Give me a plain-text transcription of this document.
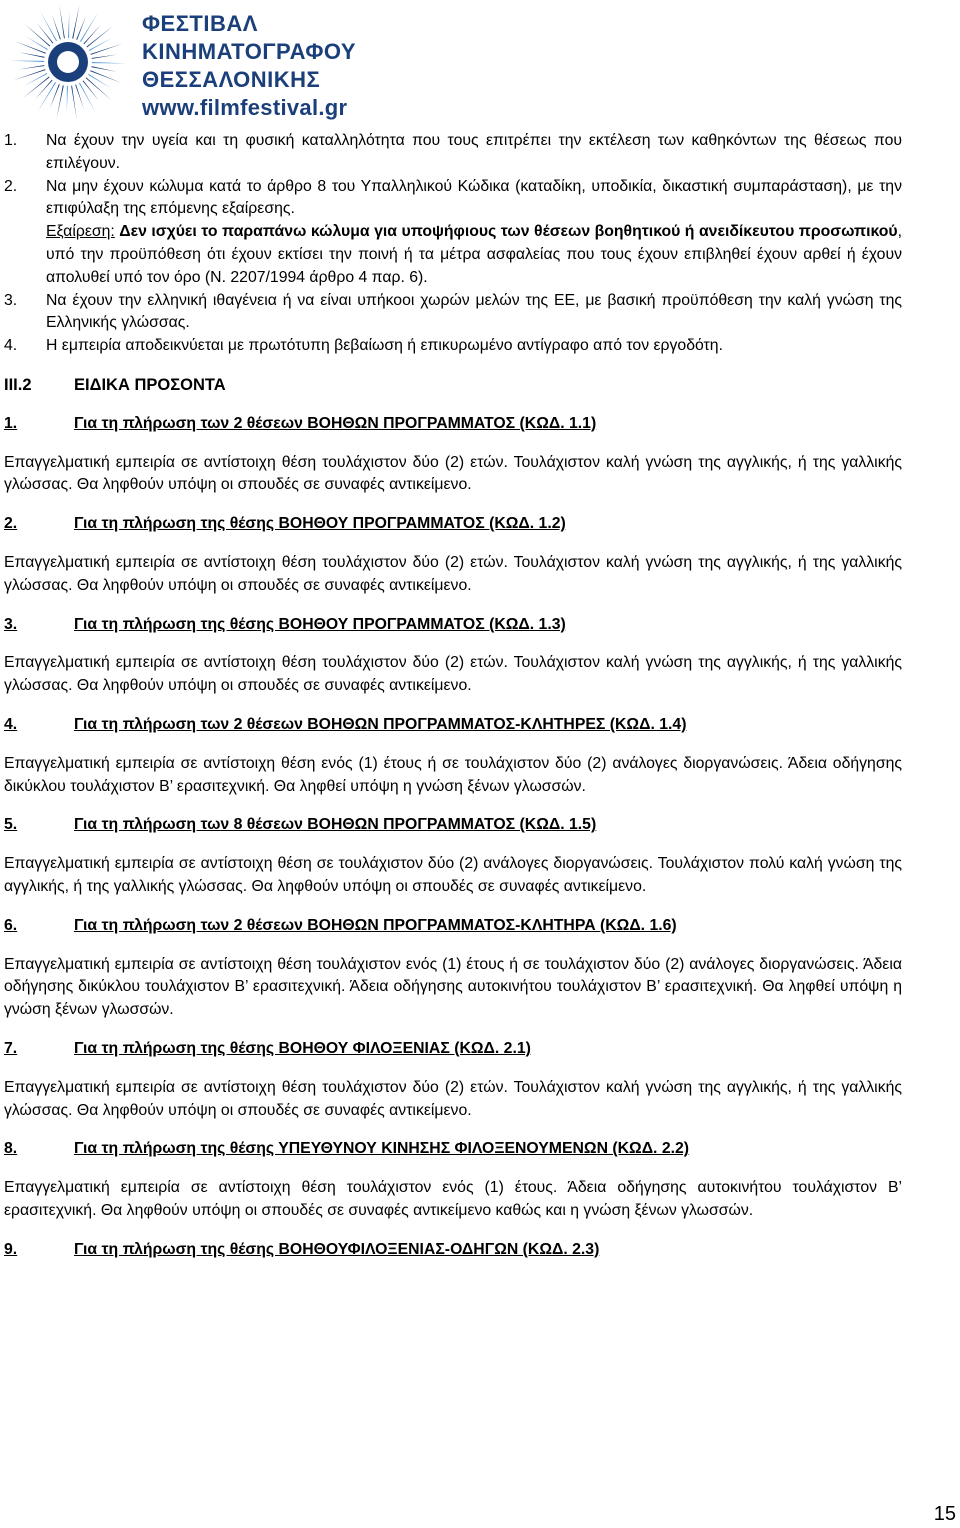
ΦΕΣΤΙΒΑΛ
ΚΙΝΗΜΑΤΟΓΡΑΦΟΥ
ΘΕΣΣΑΛΟΝΙΚΗΣ
www.filmfestival.gr
1. Να έχουν την υγεία και τη φυσική καταλληλότητα που τους επιτρέπει την εκτέλεση των καθηκόντων της θέσεως που επιλέγουν.
2. Να μην έχουν κώλυμα κατά το άρθρο 8 του Υπαλληλικού Κώδικα (καταδίκη, υποδικία, δικαστική συμπαράσταση), με την επιφύλαξη της επόμενης εξαίρεσης.
Εξαίρεση: Δεν ισχύει το παραπάνω κώλυμα για υποψήφιους των θέσεων βοηθητικού ή ανειδίκευτου προσωπικού, υπό την προϋπόθεση ότι έχουν εκτίσει την ποινή ή τα μέτρα ασφαλείας που τους έχουν επιβληθεί έχουν αρθεί ή έχουν απολυθεί υπό τον όρο (Ν. 2207/1994 άρθρο 4 παρ. 6).
3. Να έχουν την ελληνική ιθαγένεια ή να είναι υπήκοοι χωρών μελών της ΕΕ, με βασική προϋπόθεση την καλή γνώση της Ελληνικής γλώσσας.
4. Η εμπειρία αποδεικνύεται με πρωτότυπη βεβαίωση ή επικυρωμένο αντίγραφο από τον εργοδότη.
III.2	ΕΙΔΙΚΑ ΠΡΟΣΟΝΤΑ
1.	Για τη πλήρωση των 2 θέσεων ΒΟΗΘΩΝ ΠΡΟΓΡΑΜΜΑΤΟΣ (ΚΩΔ. 1.1)
Επαγγελματική εμπειρία σε αντίστοιχη θέση τουλάχιστον δύο (2) ετών. Τουλάχιστον καλή γνώση της αγγλικής, ή της γαλλικής γλώσσας. Θα ληφθούν υπόψη οι σπουδές σε συναφές αντικείμενο.
2.	Για τη πλήρωση της θέσης ΒΟΗΘΟΥ ΠΡΟΓΡΑΜΜΑΤΟΣ (ΚΩΔ. 1.2)
Επαγγελματική εμπειρία σε αντίστοιχη θέση τουλάχιστον δύο (2) ετών. Τουλάχιστον καλή γνώση της αγγλικής, ή της γαλλικής γλώσσας. Θα ληφθούν υπόψη οι σπουδές σε συναφές αντικείμενο.
3.	Για τη πλήρωση της θέσης ΒΟΗΘΟΥ ΠΡΟΓΡΑΜΜΑΤΟΣ (ΚΩΔ. 1.3)
Επαγγελματική εμπειρία σε αντίστοιχη θέση τουλάχιστον δύο (2) ετών. Τουλάχιστον καλή γνώση της αγγλικής, ή της γαλλικής γλώσσας. Θα ληφθούν υπόψη οι σπουδές σε συναφές αντικείμενο.
4.	Για τη πλήρωση των 2 θέσεων ΒΟΗΘΩΝ ΠΡΟΓΡΑΜΜΑΤΟΣ-ΚΛΗΤΗΡΕΣ (ΚΩΔ. 1.4)
Επαγγελματική εμπειρία σε αντίστοιχη θέση ενός (1) έτους ή σε τουλάχιστον δύο (2) ανάλογες διοργανώσεις. Άδεια οδήγησης δικύκλου τουλάχιστον Β’ ερασιτεχνική. Θα ληφθεί υπόψη η γνώση ξένων γλωσσών.
5.	Για τη πλήρωση των 8 θέσεων ΒΟΗΘΩΝ ΠΡΟΓΡΑΜΜΑΤΟΣ (ΚΩΔ. 1.5)
Επαγγελματική εμπειρία σε αντίστοιχη θέση σε τουλάχιστον δύο (2) ανάλογες διοργανώσεις. Τουλάχιστον πολύ καλή γνώση της αγγλικής, ή της γαλλικής γλώσσας. Θα ληφθούν υπόψη οι σπουδές σε συναφές αντικείμενο.
6.	Για τη πλήρωση των 2 θέσεων ΒΟΗΘΩΝ ΠΡΟΓΡΑΜΜΑΤΟΣ-ΚΛΗΤΗΡΑ (ΚΩΔ. 1.6)
Επαγγελματική εμπειρία σε αντίστοιχη θέση τουλάχιστον ενός (1) έτους ή σε τουλάχιστον δύο (2) ανάλογες διοργανώσεις. Άδεια οδήγησης δικύκλου τουλάχιστον Β’ ερασιτεχνική. Άδεια οδήγησης αυτοκινήτου τουλάχιστον Β’ ερασιτεχνική. Θα ληφθεί υπόψη η γνώση ξένων γλωσσών.
7.	Για τη πλήρωση της θέσης ΒΟΗΘΟΥ ΦΙΛΟΞΕΝΙΑΣ (ΚΩΔ. 2.1)
Επαγγελματική εμπειρία σε αντίστοιχη θέση τουλάχιστον δύο (2) ετών. Τουλάχιστον καλή γνώση της αγγλικής, ή της γαλλικής γλώσσας. Θα ληφθούν υπόψη οι σπουδές σε συναφές αντικείμενο.
8.	Για τη πλήρωση της θέσης ΥΠΕΥΘΥΝΟΥ ΚΙΝΗΣΗΣ ΦΙΛΟΞΕΝΟΥΜΕΝΩΝ (ΚΩΔ. 2.2)
Επαγγελματική εμπειρία σε αντίστοιχη θέση τουλάχιστον ενός (1) έτους. Άδεια οδήγησης αυτοκινήτου τουλάχιστον Β’ ερασιτεχνική. Θα ληφθούν υπόψη οι σπουδές σε συναφές αντικείμενο καθώς και η γνώση ξένων γλωσσών.
9.	Για τη πλήρωση της θέσης ΒΟΗΘΟΥΦΙΛΟΞΕΝΙΑΣ-ΟΔΗΓΩΝ (ΚΩΔ. 2.3)
15
